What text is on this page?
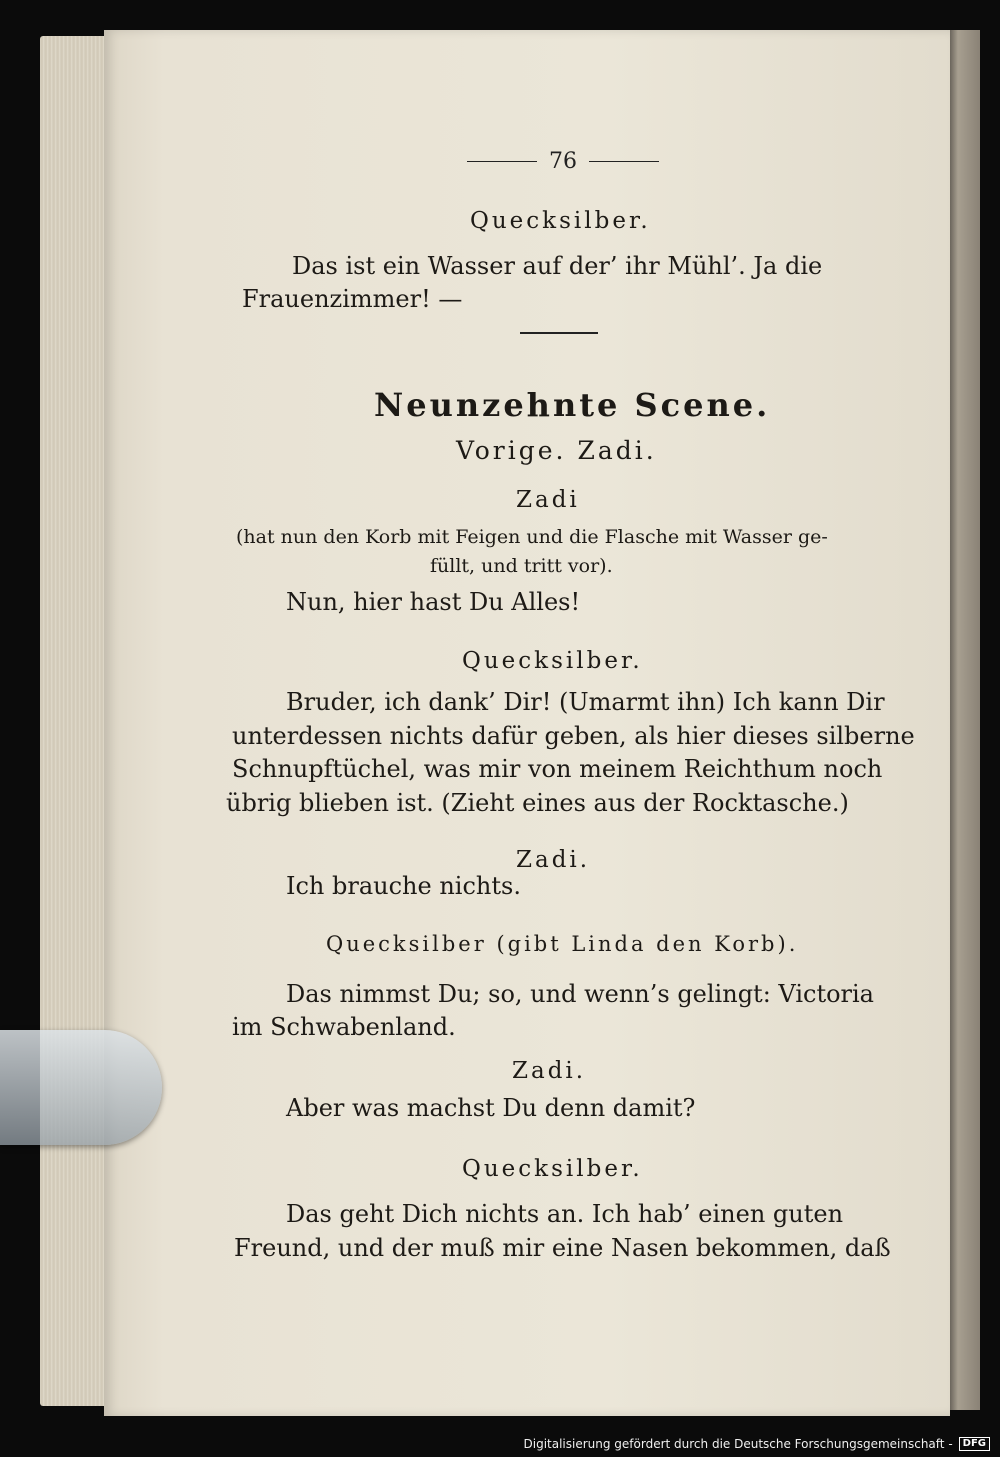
76
Quecksilber.
Das ist ein Wasser auf der’ ihr Mühl’. Ja die
Frauenzimmer! —
Neunzehnte Scene.
Vorige. Zadi.
Zadi
(hat nun den Korb mit Feigen und die Flasche mit Wasser ge-
füllt, und tritt vor).
Nun, hier hast Du Alles!
Quecksilber.
Bruder, ich dank’ Dir! (Umarmt ihn) Ich kann Dir
unterdessen nichts dafür geben, als hier dieses silberne
Schnupftüchel, was mir von meinem Reichthum noch
übrig blieben ist. (Zieht eines aus der Rocktasche.)
Zadi.
Ich brauche nichts.
Quecksilber (gibt Linda den Korb).
Das nimmst Du; so, und wenn’s gelingt: Victoria
im Schwabenland.
Zadi.
Aber was machst Du denn damit?
Quecksilber.
Das geht Dich nichts an. Ich hab’ einen guten
Freund, und der muß mir eine Nasen bekommen, daß
Digitalisierung gefördert durch die Deutsche Forschungsgemeinschaft -	DFG
